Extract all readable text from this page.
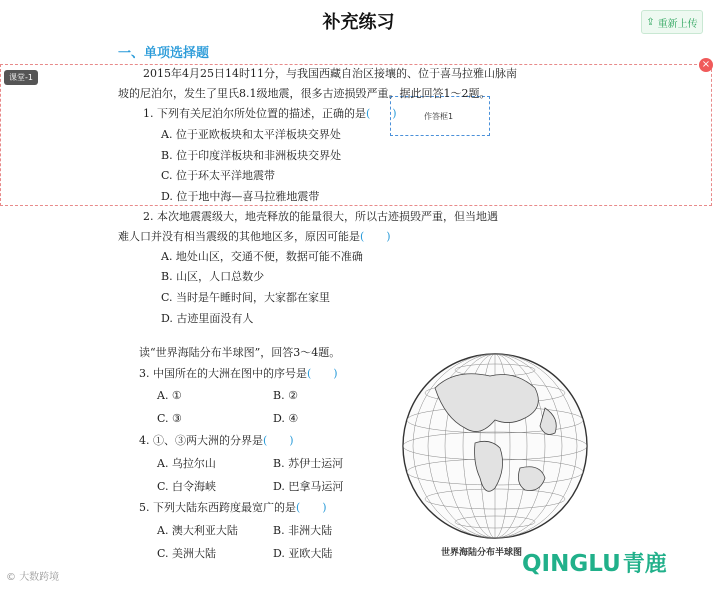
补充练习	⇪ 重新上传
一、单项选择题
课堂-1
×
作答框1
2015年4月25日14时11分，与我国西藏自治区接壤的、位于喜马拉雅山脉南
坡的尼泊尔，发生了里氏8.1级地震，很多古迹损毁严重。据此回答1～2题。
1. 下列有关尼泊尔所处位置的描述，正确的是(　　)
A. 位于亚欧板块和太平洋板块交界处
B. 位于印度洋板块和非洲板块交界处
C. 位于环太平洋地震带
D. 位于地中海—喜马拉雅地震带
2. 本次地震震级大，地壳释放的能量很大，所以古迹损毁严重，但当地遇
难人口并没有相当震级的其他地区多，原因可能是(　　)
A. 地处山区，交通不便，数据可能不准确
B. 山区，人口总数少
C. 当时是午睡时间，大家都在家里
D. 古迹里面没有人
读“世界海陆分布半球图”，回答3～4题。
3. 中国所在的大洲在图中的序号是(　　)
A. ①	B. ②
C. ③	D. ④
4. ①、③两大洲的分界是(　　)
A. 乌拉尔山	B. 苏伊士运河
C. 白令海峡	D. 巴拿马运河
5. 下列大陆东西跨度最宽广的是(　　)
A. 澳大利亚大陆	B. 非洲大陆
C. 美洲大陆	D. 亚欧大陆	世界海陆分布半球图
© 大数跨境
QINGLU 青鹿
